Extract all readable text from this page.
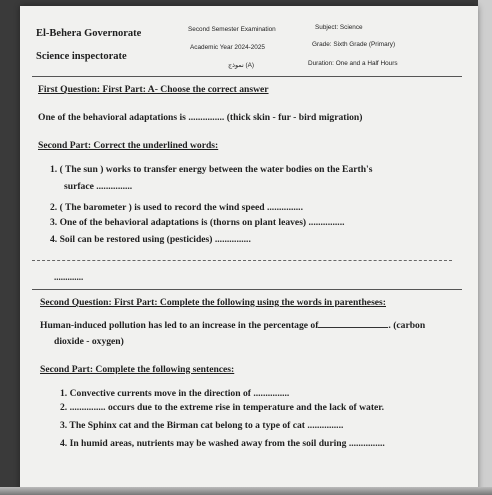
El-Behera Governorate
Science inspectorate
Second Semester Examination
Academic Year 2024-2025
نموذج (A)
Subject: Science
Grade: Sixth Grade (Primary)
Duration: One and a Half Hours
First Question: First Part: A- Choose the correct answer
One of the behavioral adaptations is ............... (thick skin - fur - bird migration)
Second Part: Correct the underlined words:
1. ( The sun ) works to transfer energy between the water bodies on the Earth's
surface ...............
2. ( The barometer ) is used to record the wind speed ...............
3. One of the behavioral adaptations is (thorns on plant leaves) ...............
4. Soil can be restored using (pesticides) ...............
.............
Second Question: First Part: Complete the following using the words in parentheses:
Human-induced pollution has led to an increase in the percentage of	. (carbon
dioxide - oxygen)
Second Part: Complete the following sentences:
1. Convective currents move in the direction of ...............
2. ............... occurs due to the extreme rise in temperature and the lack of water.
3. The Sphinx cat and the Birman cat belong to a type of cat ...............
4. In humid areas, nutrients may be washed away from the soil during ...............
